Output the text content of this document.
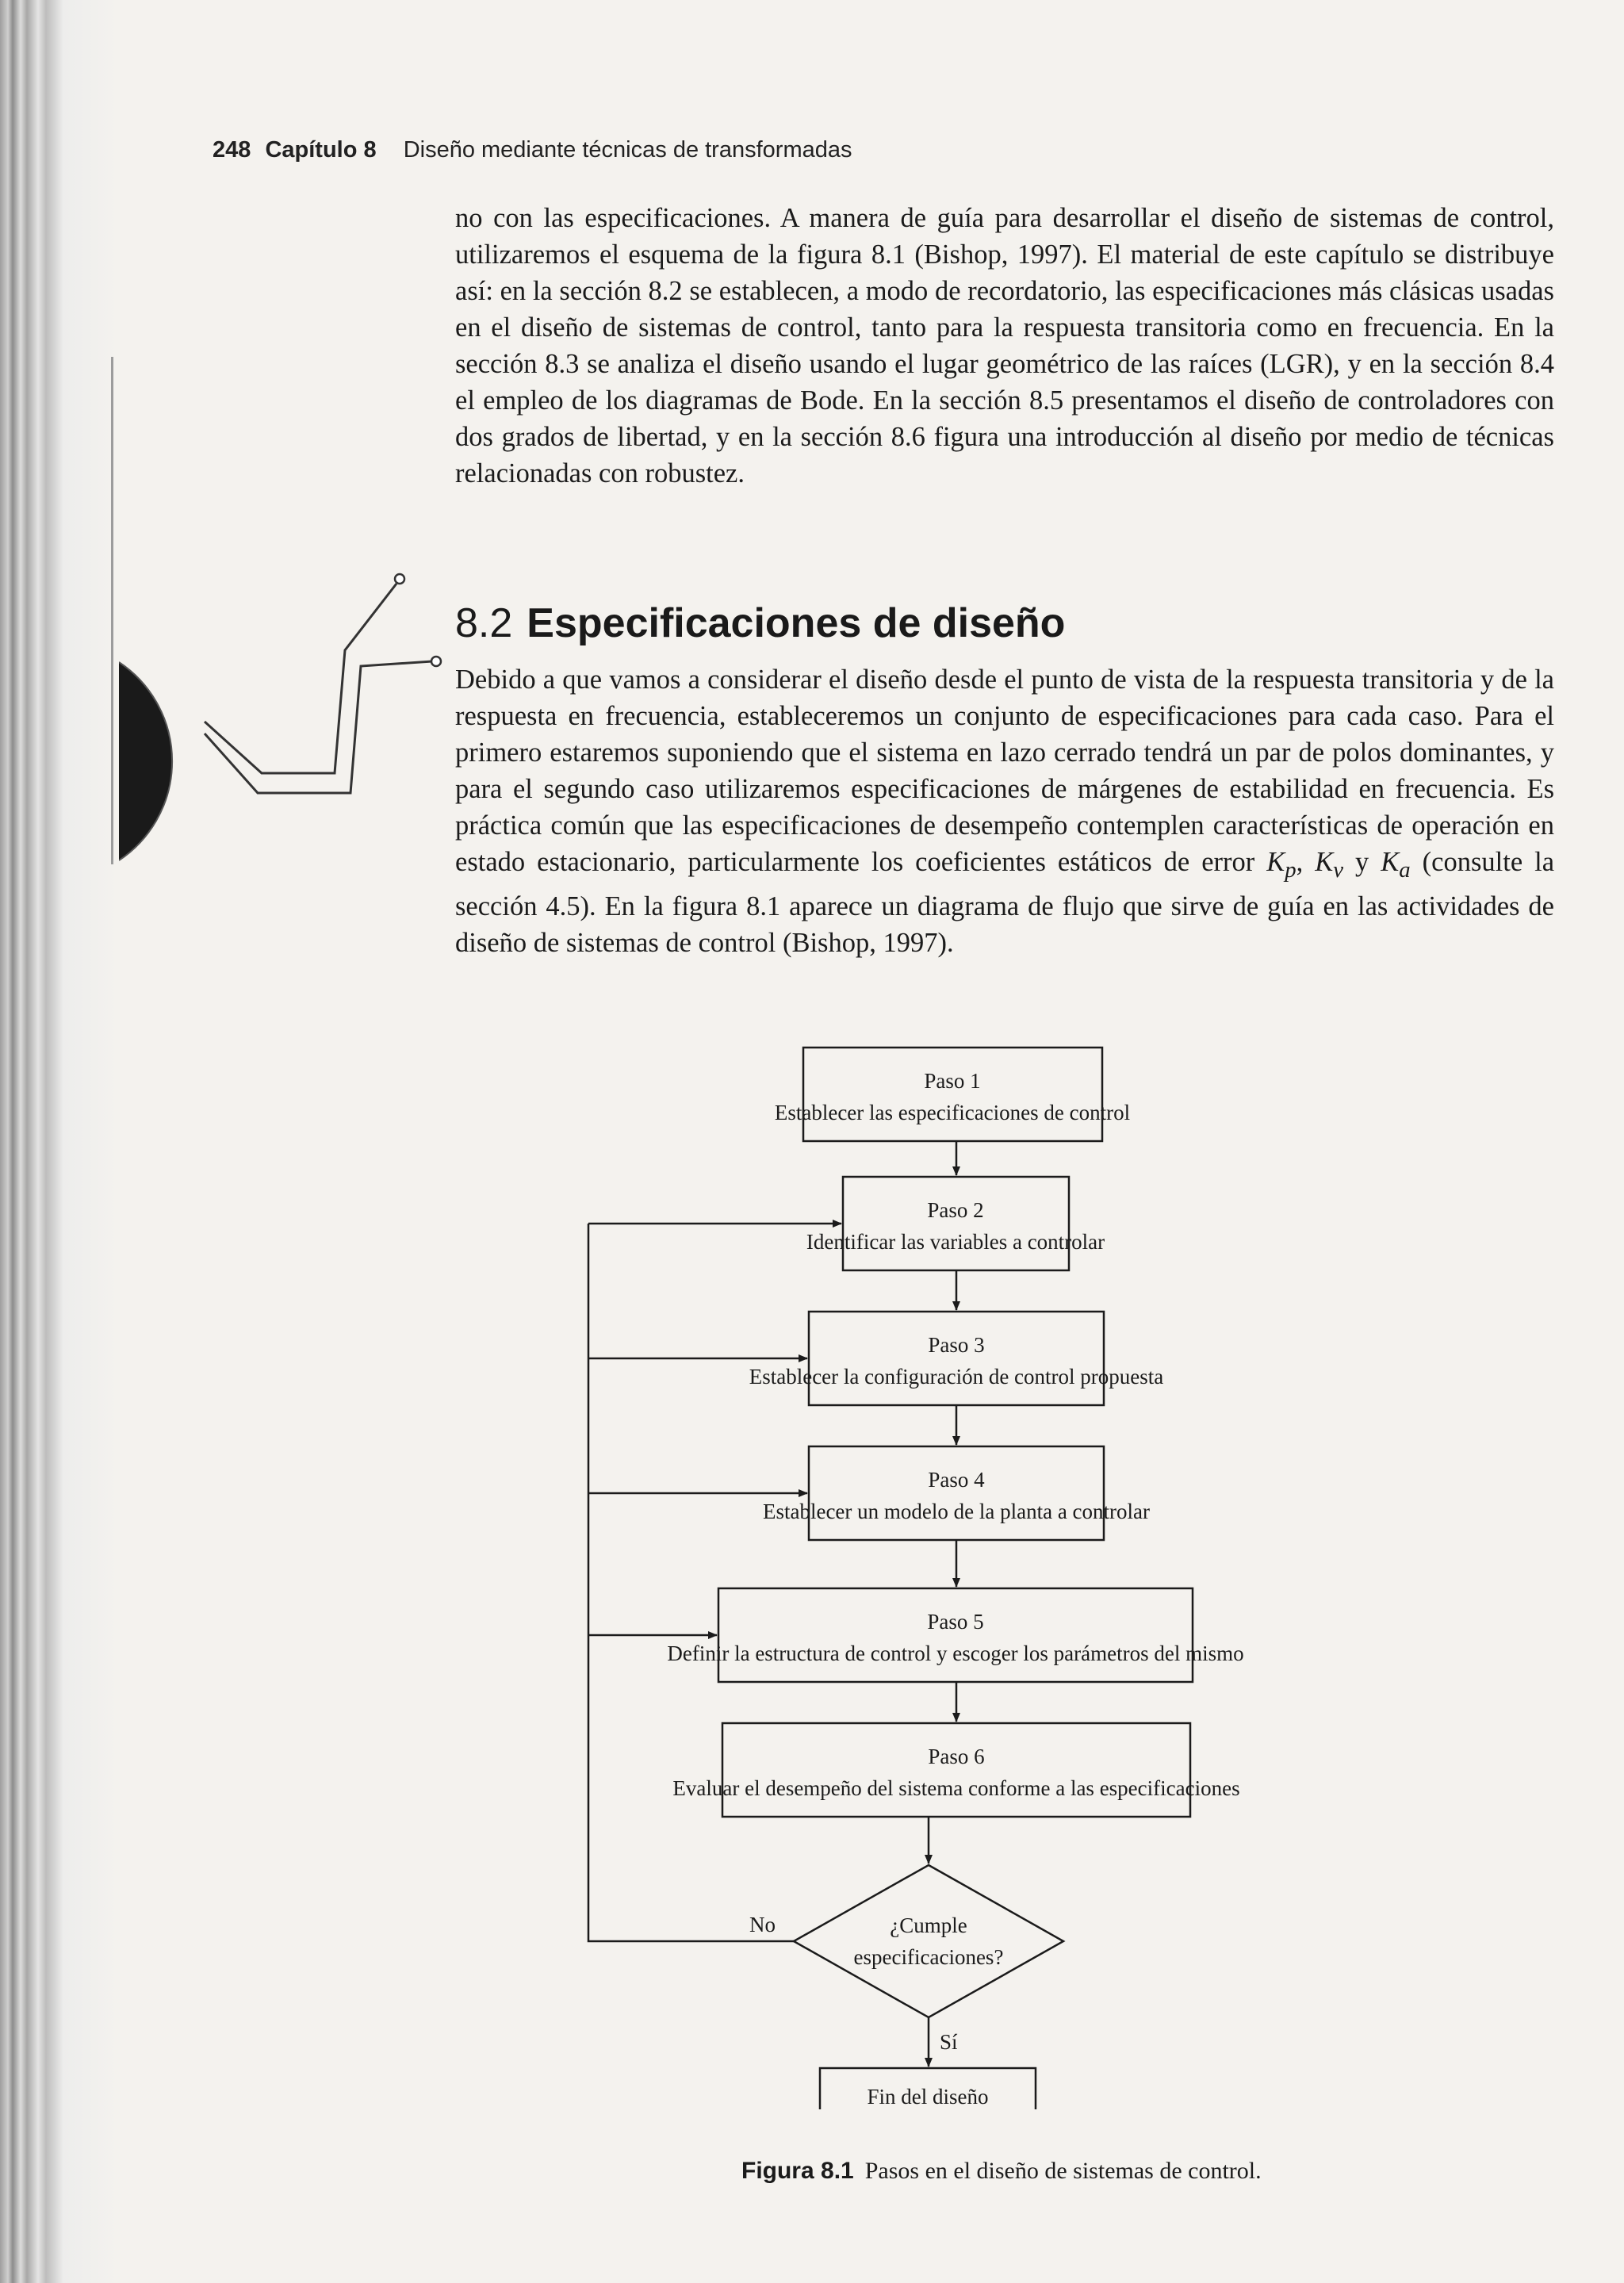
248 Capítulo 8 Diseño mediante técnicas de transformadas

no con las especificaciones. A manera de guía para desarrollar el diseño de sistemas de control, utilizaremos el esquema de la figura 8.1 (Bishop, 1997). El material de este capítulo se distribuye así: en la sección 8.2 se establecen, a modo de recordatorio, las especificaciones más clásicas usadas en el diseño de sistemas de control, tanto para la respuesta transitoria como en frecuencia. En la sección 8.3 se analiza el diseño usando el lugar geométrico de las raíces (LGR), y en la sección 8.4 el empleo de los diagramas de Bode. En la sección 8.5 presentamos el diseño de controladores con dos grados de libertad, y en la sección 8.6 figura una introducción al diseño por medio de técnicas relacionadas con robustez.

8.2 Especificaciones de diseño

Debido a que vamos a considerar el diseño desde el punto de vista de la respuesta transitoria y de la respuesta en frecuencia, estableceremos un conjunto de especificaciones para cada caso. Para el primero estaremos suponiendo que el sistema en lazo cerrado tendrá un par de polos dominantes, y para el segundo caso utilizaremos especificaciones de márgenes de estabilidad en frecuencia. Es práctica común que las especificaciones de desempeño contemplen características de operación en estado estacionario, particularmente los coeficientes estáticos de error $K_p$, $K_v$ y $K_a$ (consulte la sección 4.5). En la figura 8.1 aparece un diagrama de flujo que sirve de guía en las actividades de diseño de sistemas de control (Bishop, 1997).

Paso 1
Establecer las especificaciones de control
Paso 2
Identificar las variables a controlar
Paso 3
Establecer la configuración de control propuesta
Paso 4
Establecer un modelo de la planta a controlar
Paso 5
Definir la estructura de control y escoger los parámetros del mismo
Paso 6
Evaluar el desempeño del sistema conforme a las especificaciones
¿Cumple
especificaciones?
Fin del diseño
No
Sí
Figura 8.1 Pasos en el diseño de sistemas de control.
